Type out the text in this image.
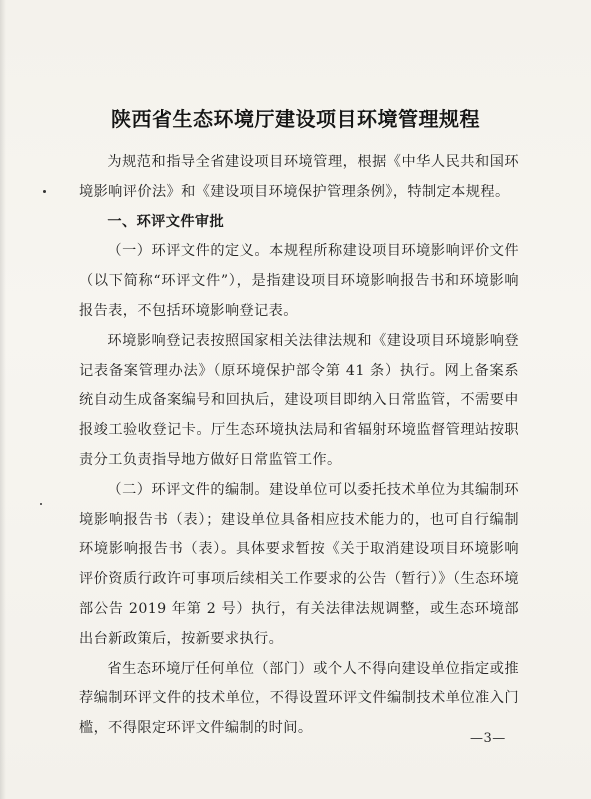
陕西省生态环境厅建设项目环境管理规程

为规范和指导全省建设项目环境管理，根据《中华人民共和国环境影响评价法》和《建设项目环境保护管理条例》，特制定本规程。

一、环评文件审批

（一）环评文件的定义。本规程所称建设项目环境影响评价文件（以下简称“环评文件”），是指建设项目环境影响报告书和环境影响报告表，不包括环境影响登记表。

环境影响登记表按照国家相关法律法规和《建设项目环境影响登记表备案管理办法》（原环境保护部令第 41 条）执行。网上备案系统自动生成备案编号和回执后，建设项目即纳入日常监管，不需要申报竣工验收登记卡。厅生态环境执法局和省辐射环境监督管理站按职责分工负责指导地方做好日常监管工作。

（二）环评文件的编制。建设单位可以委托技术单位为其编制环境影响报告书（表）；建设单位具备相应技术能力的，也可自行编制环境影响报告书（表）。具体要求暂按《关于取消建设项目环境影响评价资质行政许可事项后续相关工作要求的公告（暂行）》（生态环境部公告 2019 年第 2 号）执行，有关法律法规调整，或生态环境部出台新政策后，按新要求执行。

省生态环境厅任何单位（部门）或个人不得向建设单位指定或推荐编制环评文件的技术单位，不得设置环评文件编制技术单位准入门槛，不得限定环评文件编制的时间。

—3—
